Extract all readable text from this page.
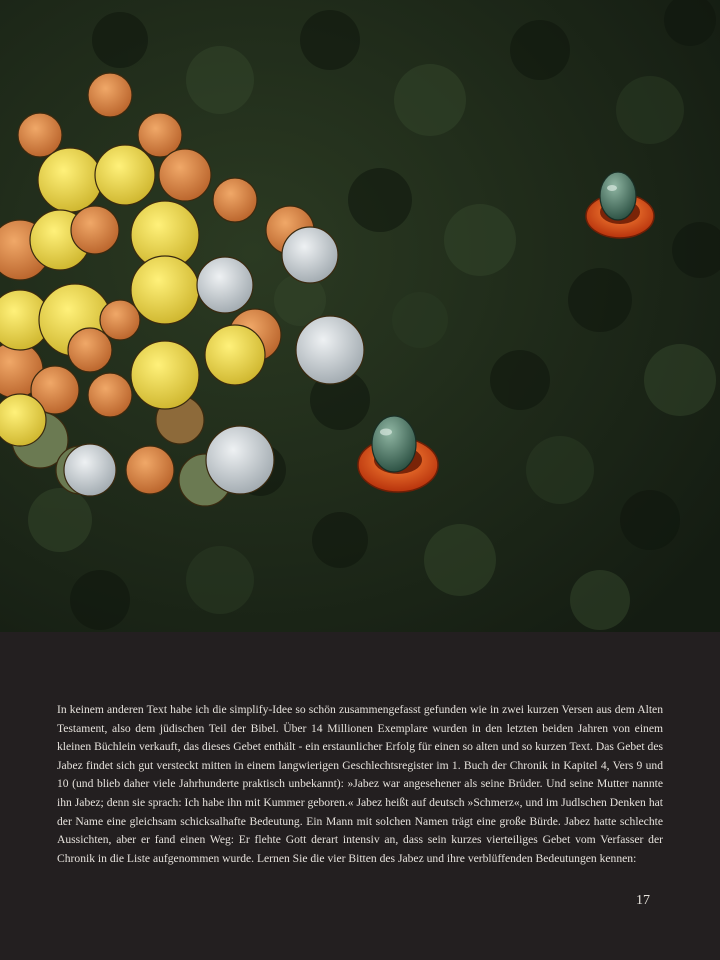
In keinem anderen Text habe ich die simplify-Idee so schön zusammengefasst gefunden wie in zwei kurzen Versen aus dem Alten Testament, also dem jüdischen Teil der Bibel. Über 14 Millionen Exemplare wurden in den letzten beiden Jahren von einem kleinen Büchlein verkauft, das dieses Gebet enthält - ein erstaunlicher Erfolg für einen so alten und so kurzen Text. Das Gebet des Jabez findet sich gut versteckt mitten in einem langwierigen Geschlechtsregister im 1. Buch der Chronik in Kapitel 4, Vers 9 und 10 (und blieb daher viele Jahrhunderte praktisch unbekannt): »Jabez war angesehener als seine Brüder. Und seine Mutter nannte ihn Jabez; denn sie sprach: Ich habe ihn mit Kummer geboren.« Jabez heißt auf deutsch »Schmerz«, und im Judlschen Denken hat der Name eine gleichsam schicksalhafte Bedeutung. Ein Mann mit solchen Namen trägt eine große Bürde. Jabez hatte schlechte Aussichten, aber er fand einen Weg: Er flehte Gott derart intensiv an, dass sein kurzes vierteiliges Gebet vom Verfasser der Chronik in die Liste aufgenommen wurde. Lernen Sie die vier Bitten des Jabez und ihre verblüffenden Bedeutungen kennen:

17
